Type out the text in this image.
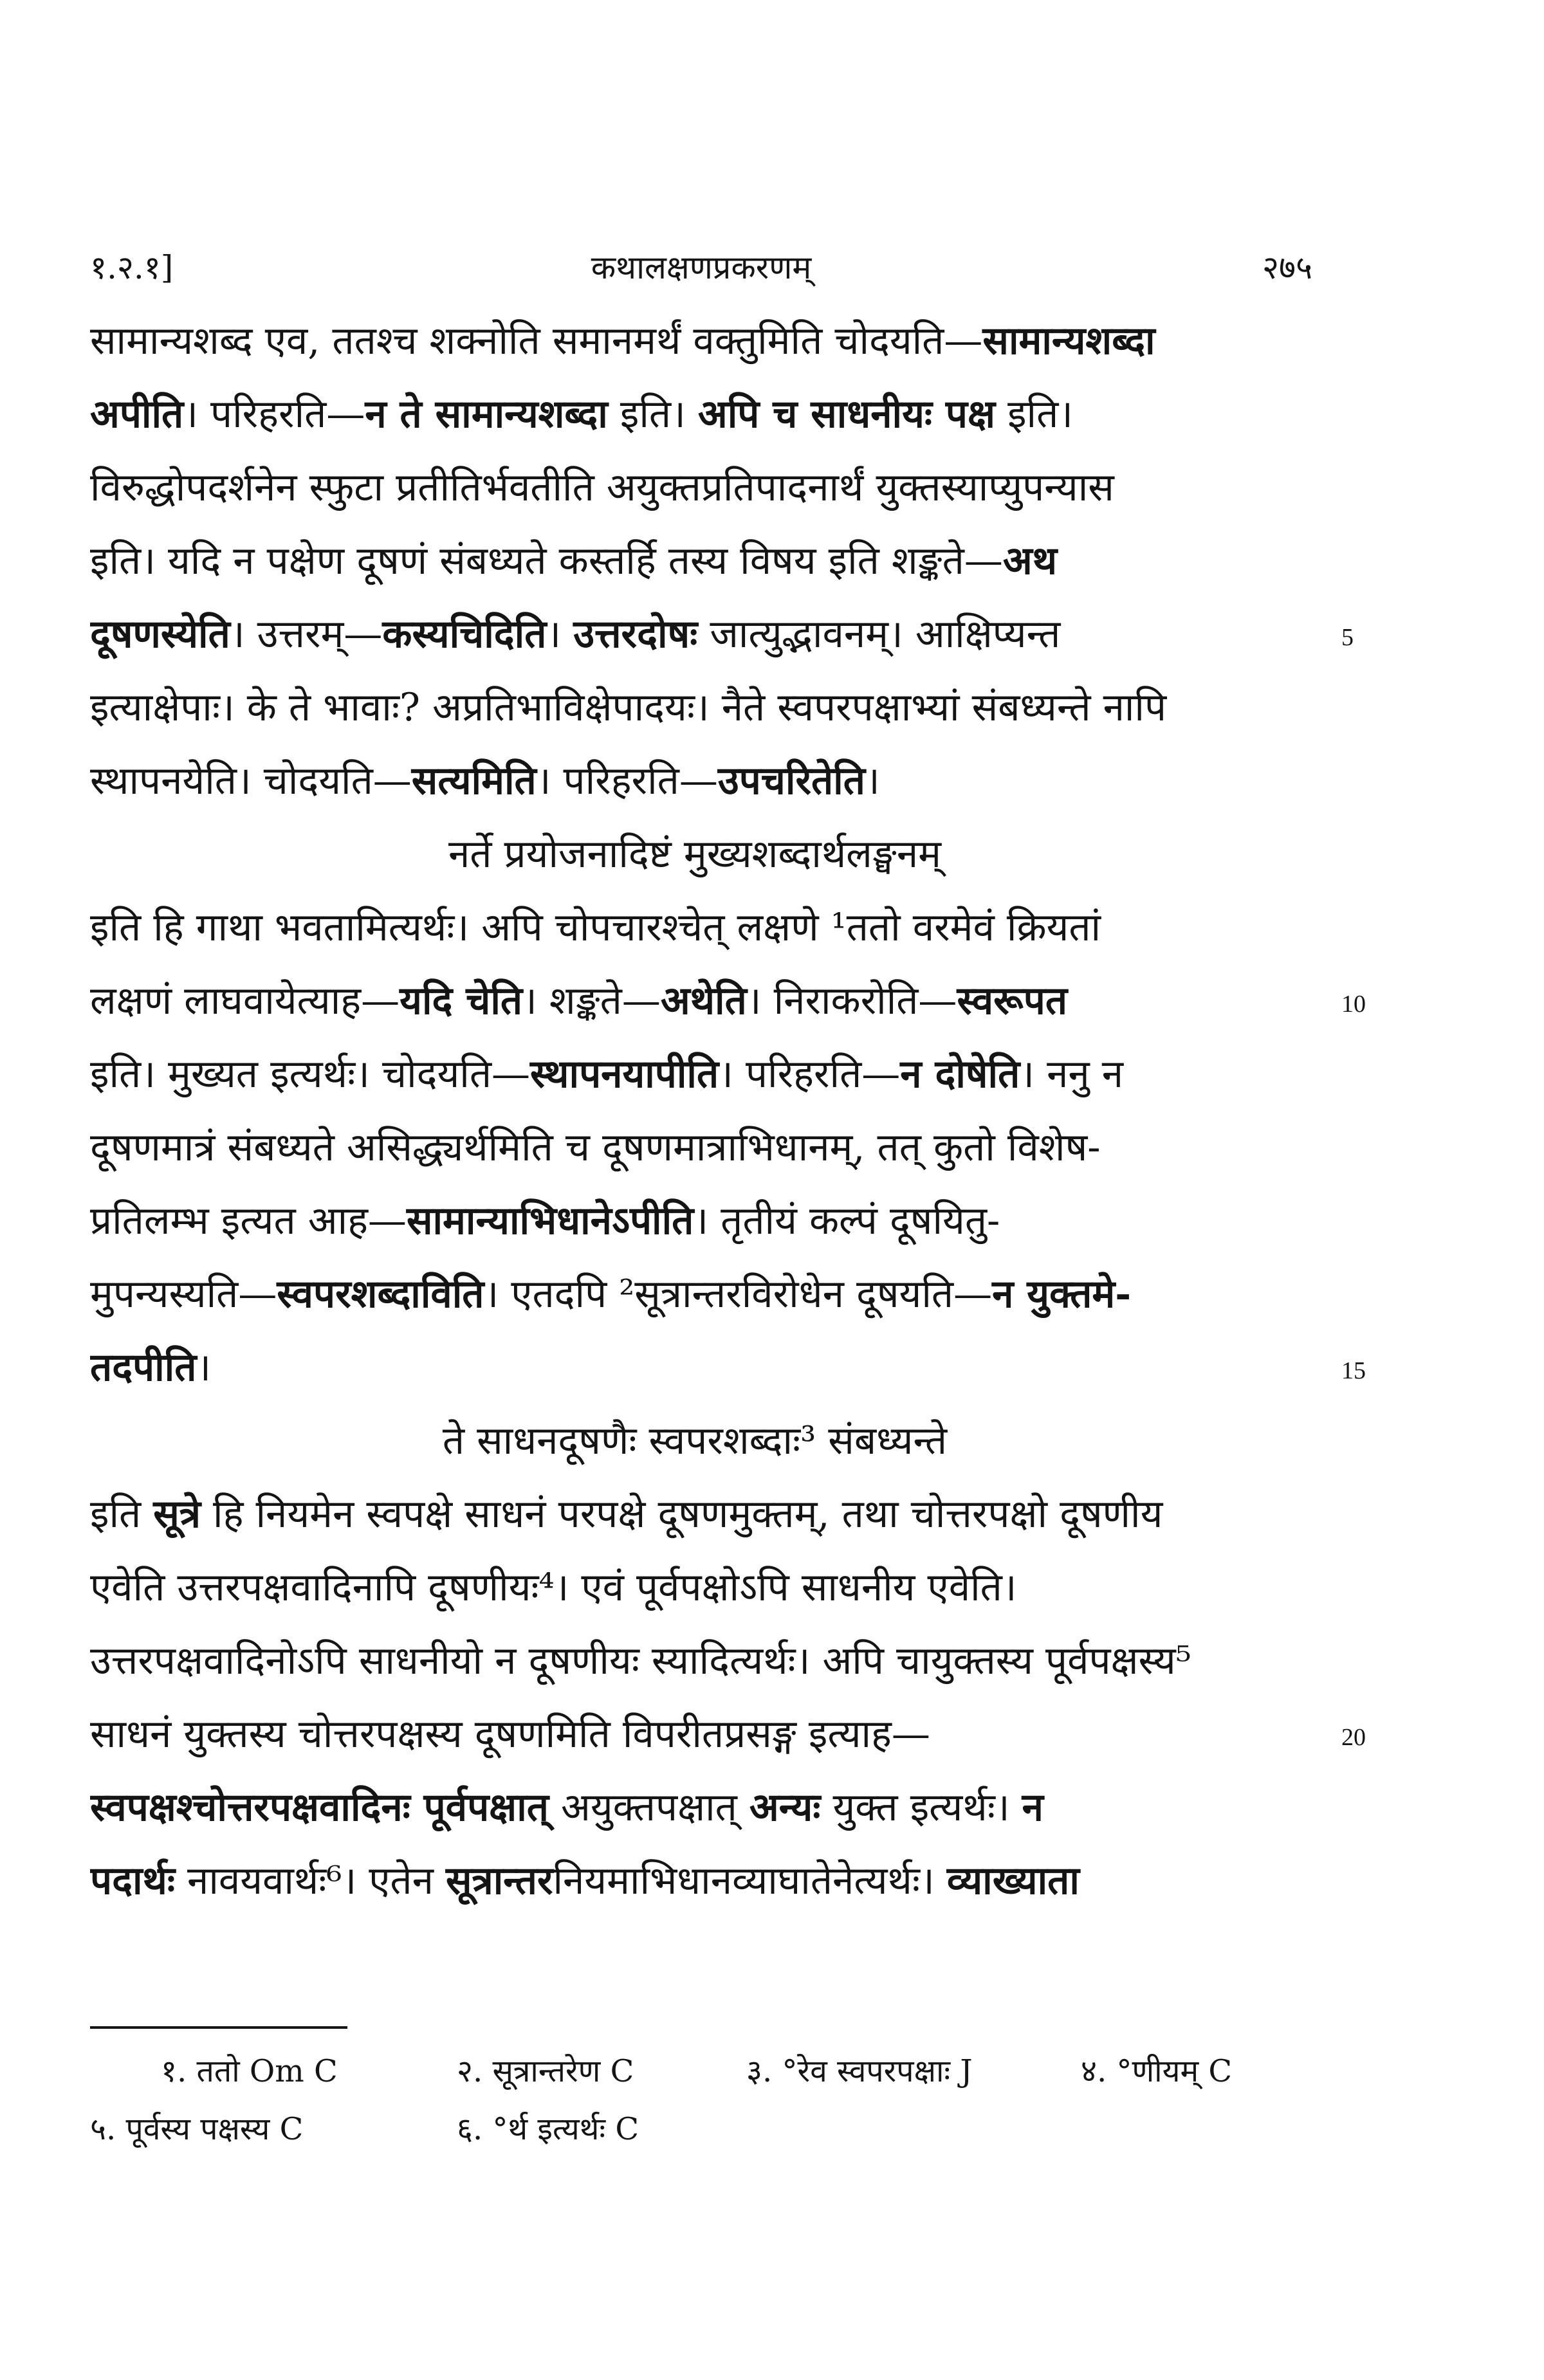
१.२.१]	कथालक्षणप्रकरणम्	२७५
सामान्यशब्द एव, ततश्च शक्नोति समानमर्थं वक्तुमिति चोदयति—सामान्यशब्दा
अपीति। परिहरति—न ते सामान्यशब्दा इति। अपि च साधनीयः पक्ष इति।
विरुद्धोपदर्शनेन स्फुटा प्रतीतिर्भवतीति अयुक्तप्रतिपादनार्थं युक्तस्याप्युपन्यास
इति। यदि न पक्षेण दूषणं संबध्यते कस्तर्हि तस्य विषय इति शङ्कते—अथ
दूषणस्येति। उत्तरम्—कस्यचिदिति। उत्तरदोषः जात्युद्भावनम्। आक्षिप्यन्त
इत्याक्षेपाः। के ते भावाः? अप्रतिभाविक्षेपादयः। नैते स्वपरपक्षाभ्यां संबध्यन्ते नापि
स्थापनयेति। चोदयति—सत्यमिति। परिहरति—उपचरितेति।
नर्ते प्रयोजनादिष्टं मुख्यशब्दार्थलङ्घनम्
इति हि गाथा भवतामित्यर्थः। अपि चोपचारश्चेत् लक्षणे ¹ततो वरमेवं क्रियतां
लक्षणं लाघवायेत्याह—यदि चेति। शङ्कते—अथेति। निराकरोति—स्वरूपत
इति। मुख्यत इत्यर्थः। चोदयति—स्थापनयापीति। परिहरति—न दोषेति। ननु न
दूषणमात्रं संबध्यते असिद्ध्यर्थमिति च दूषणमात्राभिधानम्, तत् कुतो विशेष-
प्रतिलम्भ इत्यत आह—सामान्याभिधानेऽपीति। तृतीयं कल्पं दूषयितु-
मुपन्यस्यति—स्वपरशब्दाविति। एतदपि ²सूत्रान्तरविरोधेन दूषयति—न युक्तमे-
तदपीति।
ते साधनदूषणैः स्वपरशब्दाः³ संबध्यन्ते
इति सूत्रे हि नियमेन स्वपक्षे साधनं परपक्षे दूषणमुक्तम्, तथा चोत्तरपक्षो दूषणीय
एवेति उत्तरपक्षवादिनापि दूषणीयः⁴। एवं पूर्वपक्षोऽपि साधनीय एवेति।
उत्तरपक्षवादिनोऽपि साधनीयो न दूषणीयः स्यादित्यर्थः। अपि चायुक्तस्य पूर्वपक्षस्य⁵
साधनं युक्तस्य चोत्तरपक्षस्य दूषणमिति विपरीतप्रसङ्ग इत्याह—
स्वपक्षश्चोत्तरपक्षवादिनः पूर्वपक्षात् अयुक्तपक्षात् अन्यः युक्त इत्यर्थः। न
पदार्थः नावयवार्थः⁶। एतेन सूत्रान्तरनियमाभिधानव्याघातेनेत्यर्थः। व्याख्याता
5
10
15
20
१. ततो Om C	२. सूत्रान्तरेण C	३. °रेव स्वपरपक्षाः J	४. °णीयम् C
५. पूर्वस्य पक्षस्य C	६. °र्थ इत्यर्थः C
